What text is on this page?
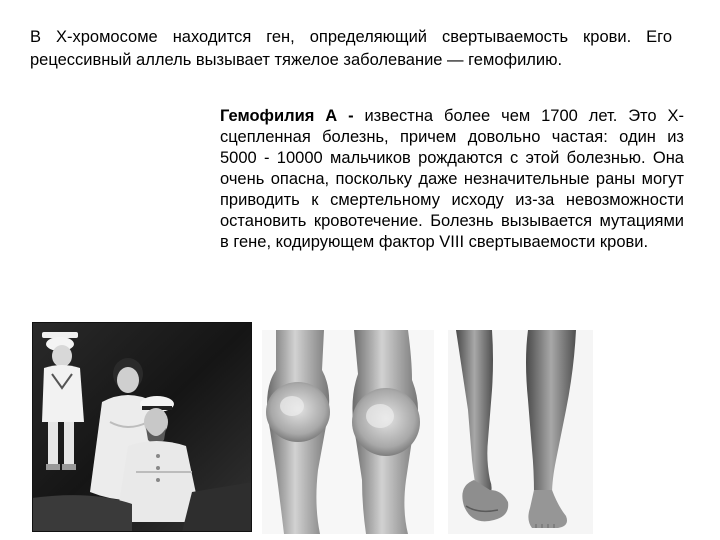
В Х-хромосоме находится ген, определяющий свертываемость крови. Его рецессивный аллель вызывает тяжелое заболевание — гемофилию.

Гемофилия А - известна более чем 1700 лет. Это Х-сцепленная болезнь, причем довольно частая: один из 5000 - 10000 мальчиков рождаются с этой болезнью. Она очень опасна, поскольку даже незначительные раны могут приводить к смертельному исходу из-за невозможности остановить кровотечение. Болезнь вызывается мутациями в гене, кодирующем фактор VIII свертываемости крови.
